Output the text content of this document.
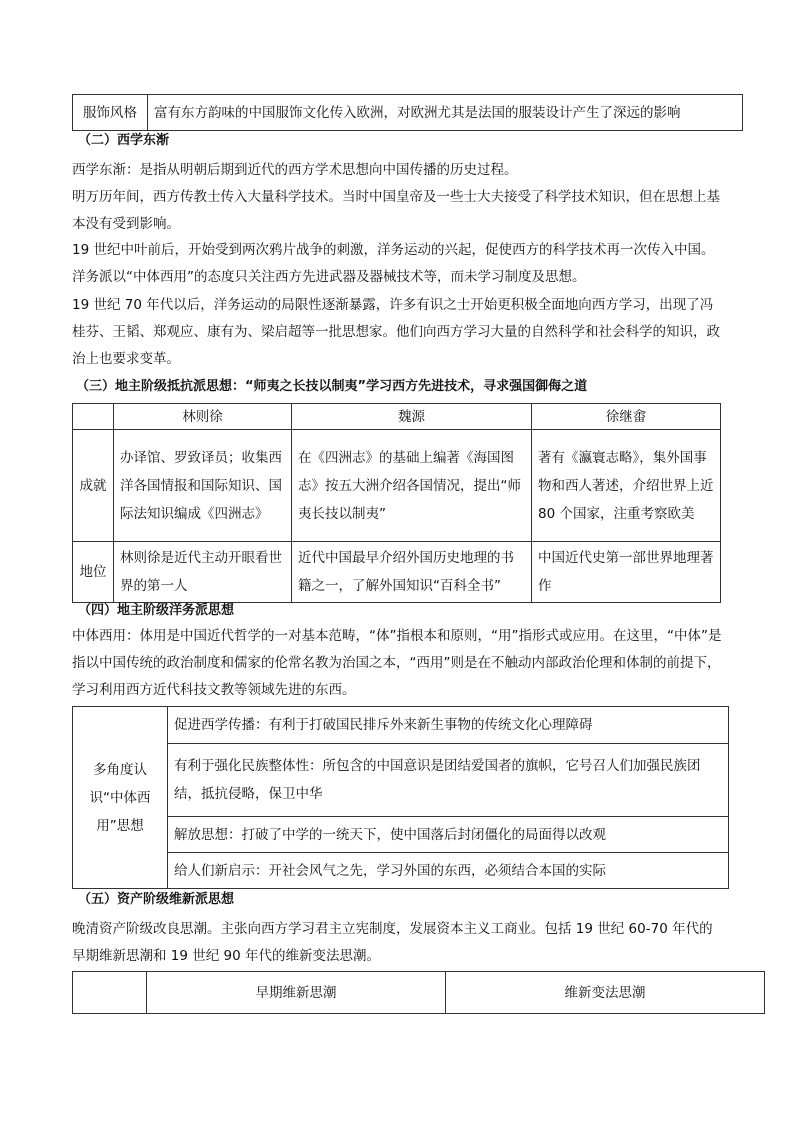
服饰风格	富有东方韵味的中国服饰文化传入欧洲，对欧洲尤其是法国的服装设计产生了深远的影响
（二）西学东渐
西学东渐：是指从明朝后期到近代的西方学术思想向中国传播的历史过程。
明万历年间，西方传教士传入大量科学技术。当时中国皇帝及一些士大夫接受了科学技术知识，但在思想上基本没有受到影响。
19 世纪中叶前后，开始受到两次鸦片战争的刺激，洋务运动的兴起，促使西方的科学技术再一次传入中国。洋务派以“中体西用”的态度只关注西方先进武器及器械技术等，而未学习制度及思想。
19 世纪 70 年代以后，洋务运动的局限性逐渐暴露，许多有识之士开始更积极全面地向西方学习，出现了冯桂芬、王韬、郑观应、康有为、梁启超等一批思想家。他们向西方学习大量的自然科学和社会科学的知识，政治上也要求变革。
（三）地主阶级抵抗派思想：“师夷之长技以制夷”学习西方先进技术，寻求强国御侮之道
	林则徐	魏源	徐继畬
成就	办译馆、罗致译员；收集西洋各国情报和国际知识、国际法知识编成《四洲志》	在《四洲志》的基础上编著《海国图志》按五大洲介绍各国情况，提出“师夷长技以制夷”	著有《瀛寰志略》，集外国事物和西人著述，介绍世界上近 80 个国家，注重考察欧美
地位	林则徐是近代主动开眼看世界的第一人	近代中国最早介绍外国历史地理的书籍之一，了解外国知识“百科全书”	中国近代史第一部世界地理著作
（四）地主阶级洋务派思想
中体西用：体用是中国近代哲学的一对基本范畴，“体”指根本和原则，“用”指形式或应用。在这里，“中体”是指以中国传统的政治制度和儒家的伦常名教为治国之本，“西用”则是在不触动内部政治伦理和体制的前提下，学习利用西方近代科技文教等领域先进的东西。
多角度认识“中体西用”思想	促进西学传播：有利于打破国民排斥外来新生事物的传统文化心理障碍
有利于强化民族整体性：所包含的中国意识是团结爱国者的旗帜，它号召人们加强民族团结，抵抗侵略，保卫中华
解放思想：打破了中学的一统天下，使中国落后封闭僵化的局面得以改观
给人们新启示：开社会风气之先，学习外国的东西，必须结合本国的实际
（五）资产阶级维新派思想
晚清资产阶级改良思潮。主张向西方学习君主立宪制度，发展资本主义工商业。包括 19 世纪 60-70 年代的早期维新思潮和 19 世纪 90 年代的维新变法思潮。
	早期维新思潮	维新变法思潮
